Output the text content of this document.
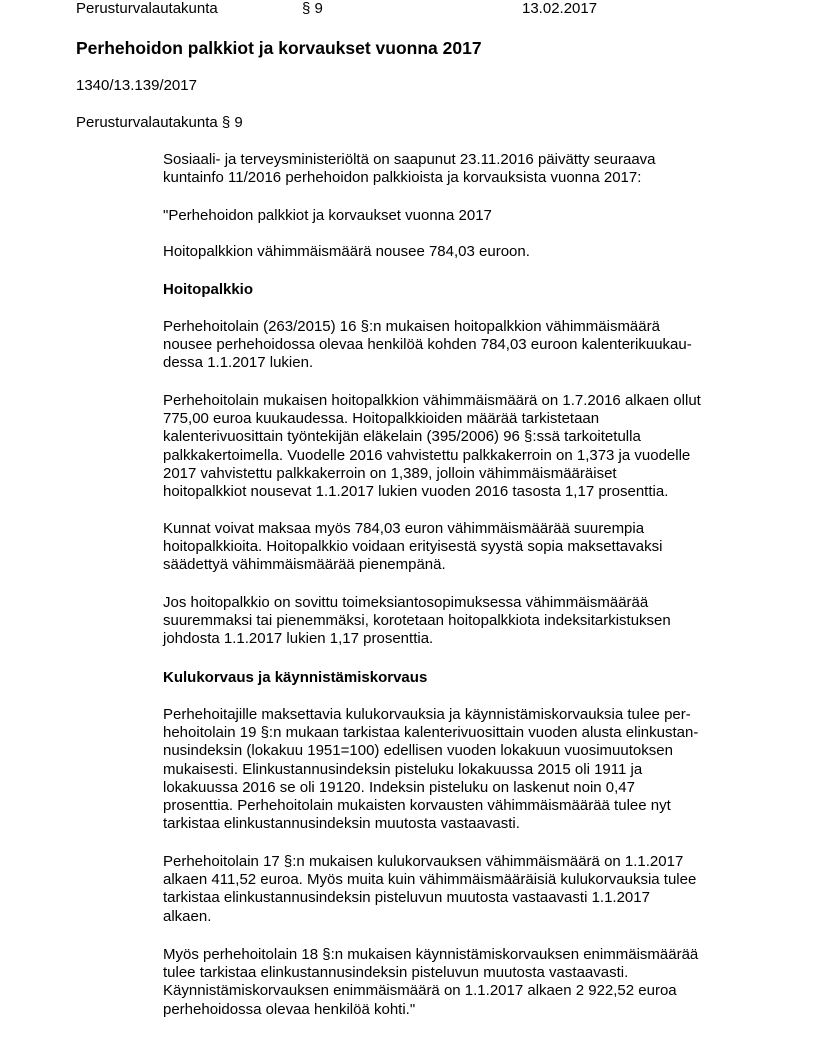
Perusturvalautakunta	§ 9	13.02.2017
Perhehoidon palkkiot ja korvaukset vuonna 2017
1340/13.139/2017
Perusturvalautakunta § 9
Sosiaali- ja terveysministeriöltä on saapunut 23.11.2016 päivätty seuraava
kuntainfo 11/2016 perhehoidon palkkioista ja korvauksista vuonna 2017:
"Perhehoidon palkkiot ja korvaukset vuonna 2017
Hoitopalkkion vähimmäismäärä nousee 784,03 euroon.
Hoitopalkkio
Perhehoitolain (263/2015) 16 §:n mukaisen hoitopalkkion vähimmäismäärä
nousee perhehoidossa olevaa henkilöä kohden 784,03 euroon kalenterikuukau-
dessa 1.1.2017 lukien.
Perhehoitolain mukaisen hoitopalkkion vähimmäismäärä on 1.7.2016 alkaen ollut
775,00 euroa kuukaudessa. Hoitopalkkioiden määrää tarkistetaan
kalenterivuosittain työntekijän eläkelain (395/2006) 96 §:ssä tarkoitetulla
palkkakertoimella. Vuodelle 2016 vahvistettu palkkakerroin on 1,373 ja vuodelle
2017 vahvistettu palkkakerroin on 1,389, jolloin vähimmäismääräiset
hoitopalkkiot nousevat 1.1.2017 lukien vuoden 2016 tasosta 1,17 prosenttia.
Kunnat voivat maksaa myös 784,03 euron vähimmäismäärää suurempia
hoitopalkkioita. Hoitopalkkio voidaan erityisestä syystä sopia maksettavaksi
säädettyä vähimmäismäärää pienempänä.
Jos hoitopalkkio on sovittu toimeksiantosopimuksessa vähimmäismäärää
suuremmaksi tai pienemmäksi, korotetaan hoitopalkkiota indeksitarkistuksen
johdosta 1.1.2017 lukien 1,17 prosenttia.
Kulukorvaus ja käynnistämiskorvaus
Perhehoitajille maksettavia kulukorvauksia ja käynnistämiskorvauksia tulee per-
hehoitolain 19 §:n mukaan tarkistaa kalenterivuosittain vuoden alusta elinkustan-
nusindeksin (lokakuu 1951=100) edellisen vuoden lokakuun vuosimuutoksen
mukaisesti. Elinkustannusindeksin pisteluku lokakuussa 2015 oli 1911 ja
lokakuussa 2016 se oli 19120. Indeksin pisteluku on laskenut noin 0,47
prosenttia. Perhehoitolain mukaisten korvausten vähimmäismäärää tulee nyt
tarkistaa elinkustannusindeksin muutosta vastaavasti.
Perhehoitolain 17 §:n mukaisen kulukorvauksen vähimmäismäärä on 1.1.2017
alkaen 411,52 euroa. Myös muita kuin vähimmäismääräisiä kulukorvauksia tulee
tarkistaa elinkustannusindeksin pisteluvun muutosta vastaavasti 1.1.2017
alkaen.
Myös perhehoitolain 18 §:n mukaisen käynnistämiskorvauksen enimmäismäärää
tulee tarkistaa elinkustannusindeksin pisteluvun muutosta vastaavasti.
Käynnistämiskorvauksen enimmäismäärä on 1.1.2017 alkaen 2 922,52 euroa
perhehoidossa olevaa henkilöä kohti."
